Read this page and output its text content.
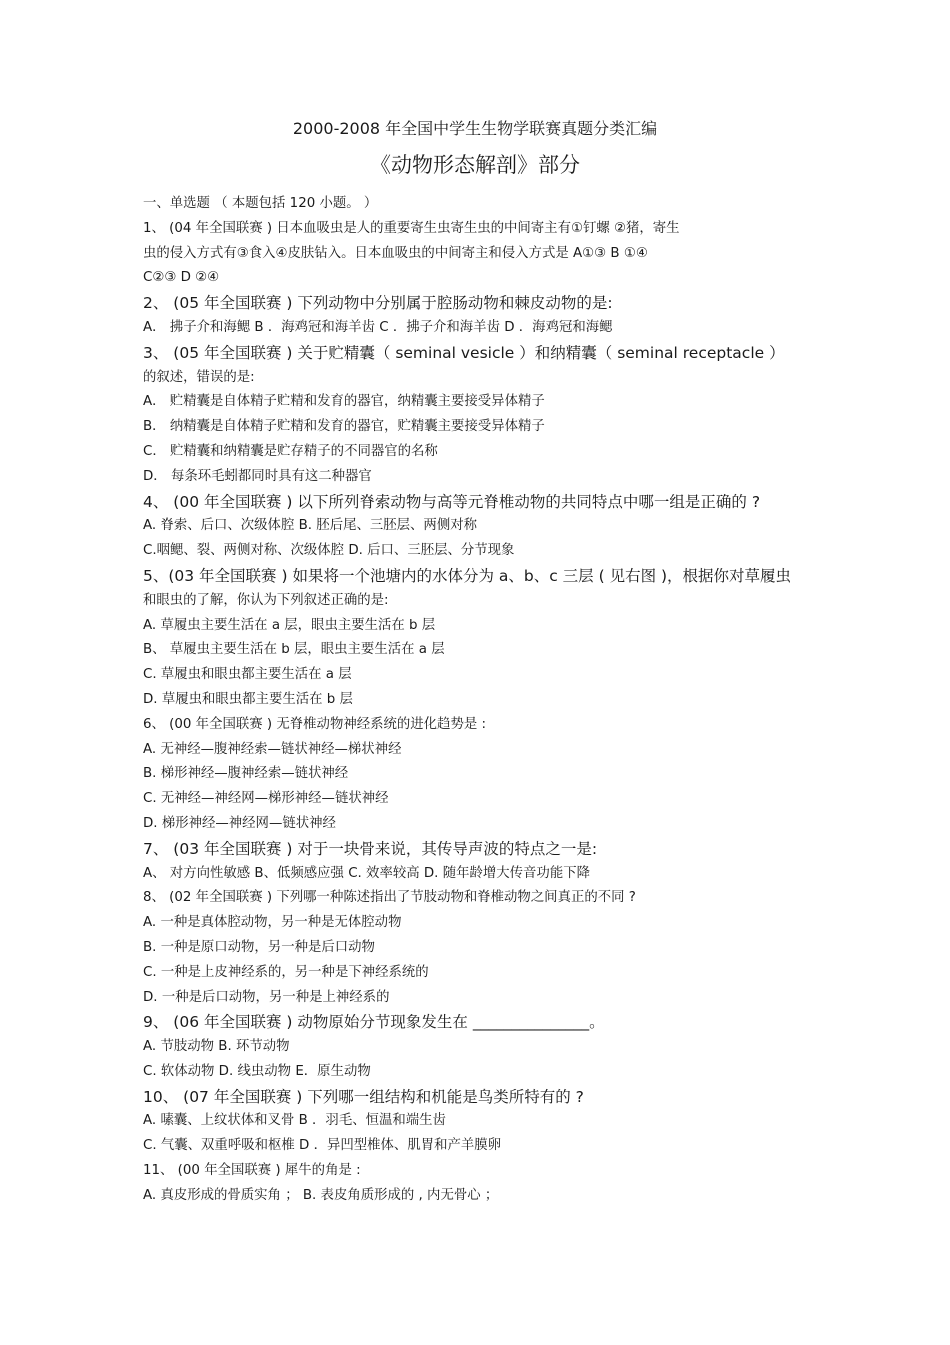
2000-2008 年全国中学生生物学联赛真题分类汇编
《动物形态解剖》部分
一、单选题 （ 本题包括 120 小题。 ）
1、 (04 年全国联赛 ) 日本血吸虫是人的重要寄生虫寄生虫的中间寄主有①钉螺 ②猪，寄生
虫的侵入方式有③食入④皮肤钻入。日本血吸虫的中间寄主和侵入方式是 A①③ B ①④
C②③ D ②④
2、 (05 年全国联赛 ) 下列动物中分别属于腔肠动物和棘皮动物的是:
A． 拂子介和海鳃 B ．海鸡冠和海羊齿 C ．拂子介和海羊齿 D ．海鸡冠和海鳃
3、 (05 年全国联赛 ) 关于贮精囊（ seminal vesicle ）和纳精囊（ seminal receptacle ）
的叙述，错误的是:
A． 贮精囊是自体精子贮精和发育的器官，纳精囊主要接受异体精子
B． 纳精囊是自体精子贮精和发育的器官，贮精囊主要接受异体精子
C． 贮精囊和纳精囊是贮存精子的不同器官的名称
D． 每条环毛蚓都同时具有这二种器官
4、 (00 年全国联赛 ) 以下所列脊索动物与高等元脊椎动物的共同特点中哪一组是正确的 ?
A. 脊索、后口、次级体腔 B. 胚后尾、三胚层、两侧对称
C.咽鳃、裂、两侧对称、次级体腔 D. 后口、三胚层、分节现象
5、(03 年全国联赛 ) 如果将一个池塘内的水体分为 a、b、c 三层 ( 见右图 )，根据你对草履虫
和眼虫的了解，你认为下列叙述正确的是:
A. 草履虫主要生活在 a 层，眼虫主要生活在 b 层
B、 草履虫主要生活在 b 层，眼虫主要生活在 a 层
C. 草履虫和眼虫都主要生活在 a 层
D. 草履虫和眼虫都主要生活在 b 层
6、 (00 年全国联赛 ) 无脊椎动物神经系统的进化趋势是 :
A. 无神经—腹神经索—链状神经—梯状神经
B. 梯形神经—腹神经索—链状神经
C. 无神经—神经网—梯形神经—链状神经
D. 梯形神经—神经网—链状神经
7、 (03 年全国联赛 ) 对于一块骨来说，其传导声波的特点之一是:
A、 对方向性敏感 B、低频感应强 C. 效率较高 D. 随年龄增大传音功能下降
8、 (02 年全国联赛 ) 下列哪一种陈述指出了节肢动物和脊椎动物之间真正的不同 ?
A. 一种是真体腔动物，另一种是无体腔动物
B. 一种是原口动物，另一种是后口动物
C. 一种是上皮神经系的，另一种是下神经系统的
D. 一种是后口动物，另一种是上神经系的
9、 (06 年全国联赛 ) 动物原始分节现象发生在 _______________。
A. 节肢动物 B. 环节动物
C. 软体动物 D. 线虫动物 E．原生动物
10、 (07 年全国联赛 ) 下列哪一组结构和机能是鸟类所特有的 ?
A. 嗉囊、上纹状体和叉骨 B ．羽毛、恒温和端生齿
C. 气囊、双重呼吸和枢椎 D ．异凹型椎体、肌胃和产羊膜卵
11、 (00 年全国联赛 ) 犀牛的角是 :
A. 真皮形成的骨质实角 ； B. 表皮角质形成的 , 内无骨心 ；
